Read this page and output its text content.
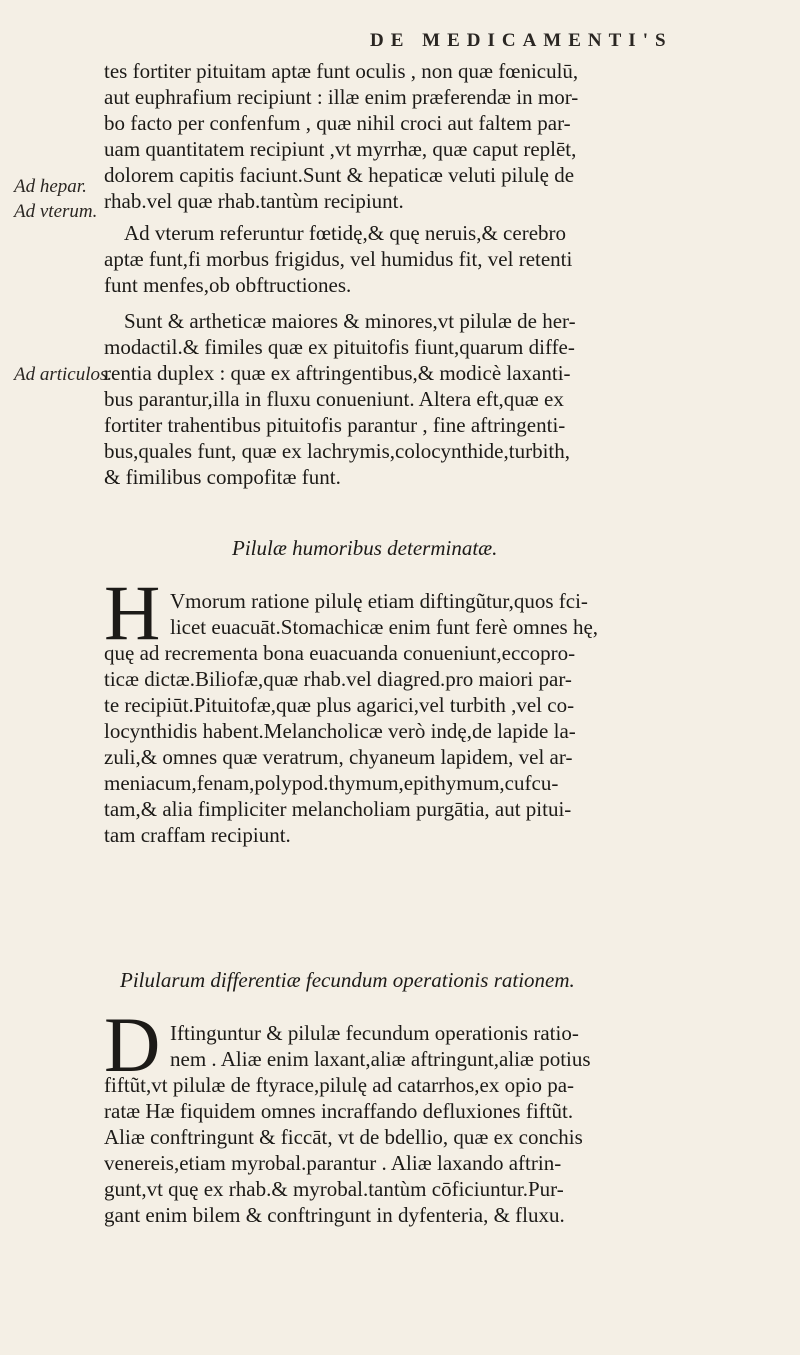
DE MEDICAMENTI'S
Ad hepar.
Ad vterum.
Ad articulos.
tes fortiter pituitam aptæ funt oculis , non quæ fœniculū,
aut euphrafium recipiunt : illæ enim præferendæ in mor-
bo facto per confenfum , quæ nihil croci aut faltem par-
uam quantitatem recipiunt ,vt myrrhæ, quæ caput replēt,
dolorem capitis faciunt.Sunt & hepaticæ veluti pilulę de
rhab.vel quæ rhab.tantùm recipiunt.
Ad vterum referuntur fœtidę,& quę neruis,& cerebro
aptæ funt,fi morbus frigidus, vel humidus fit, vel retenti
funt menfes,ob obftructiones.
Sunt & artheticæ maiores & minores,vt pilulæ de her-
modactil.& fimiles quæ ex pituitofis fiunt,quarum diffe-
rentia duplex : quæ ex aftringentibus,& modicè laxanti-
bus parantur,illa in fluxu conueniunt. Altera eft,quæ ex
fortiter trahentibus pituitofis parantur , fine aftringenti-
bus,quales funt, quæ ex lachrymis,colocynthide,turbith,
& fimilibus compofitæ funt.
Pilulæ humoribus determinatæ.
H Vmorum ratione pilulę etiam diftingũtur,quos fci-
licet euacuāt.Stomachicæ enim funt ferè omnes hę,
quę ad recrementa bona euacuanda conueniunt,eccopro-
ticæ dictæ.Biliofæ,quæ rhab.vel diagred.pro maiori par-
te recipiūt.Pituitofæ,quæ plus agarici,vel turbith ,vel co-
locynthidis habent.Melancholicæ verò indę,de lapide la-
zuli,& omnes quæ veratrum, chyaneum lapidem, vel ar-
meniacum,fenam,polypod.thymum,epithymum,cufcu-
tam,& alia fimpliciter melancholiam purgātia, aut pitui-
tam craffam recipiunt.
Pilularum differentiæ fecundum operationis rationem.
D Iftinguntur & pilulæ fecundum operationis ratio-
nem . Aliæ enim laxant,aliæ aftringunt,aliæ potius
fiftũt,vt pilulæ de ftyrace,pilulę ad catarrhos,ex opio pa-
ratæ Hæ fiquidem omnes incraffando defluxiones fiftũt.
Aliæ conftringunt & ficcāt, vt de bdellio, quæ ex conchis
venereis,etiam myrobal.parantur . Aliæ laxando aftrin-
gunt,vt quę ex rhab.& myrobal.tantùm cōficiuntur.Pur-
gant enim bilem & conftringunt in dyfenteria, & fluxu.
